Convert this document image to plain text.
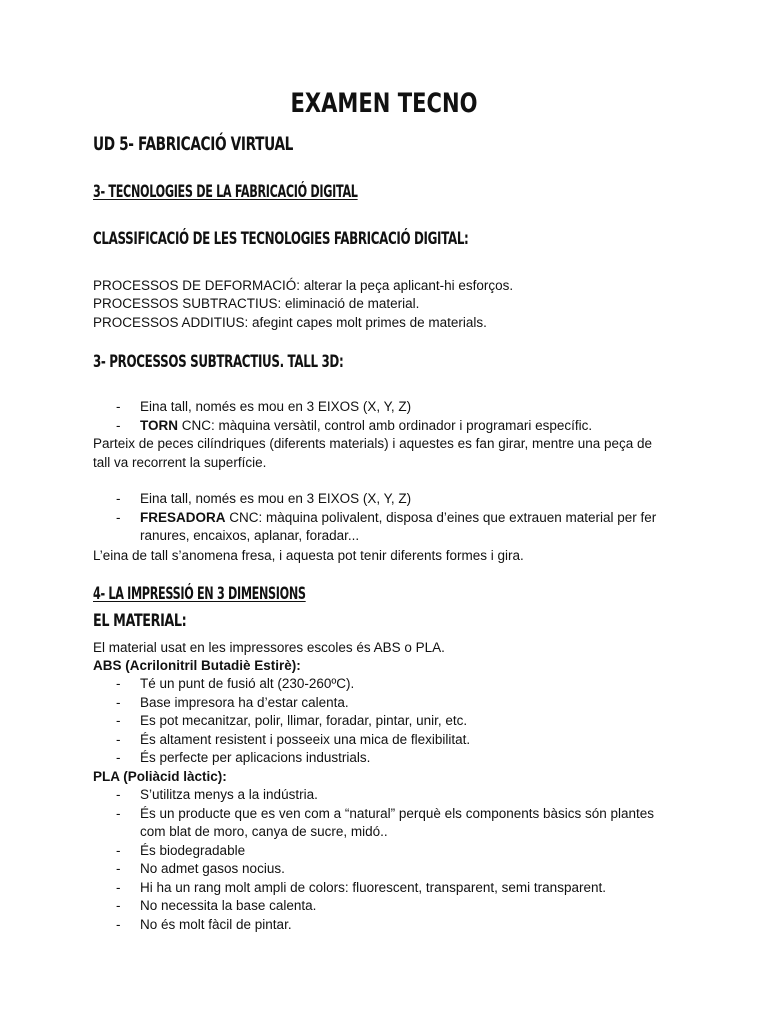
EXAMEN TECNO
UD 5- FABRICACIÓ VIRTUAL
3- TECNOLOGIES DE LA FABRICACIÓ DIGITAL
CLASSIFICACIÓ DE LES TECNOLOGIES FABRICACIÓ DIGITAL:

PROCESSOS DE DEFORMACIÓ: alterar la peça aplicant-hi esforços.

PROCESSOS SUBTRACTIUS: eliminació de material.

PROCESSOS ADDITIUS: afegint capes molt primes de materials.

3- PROCESSOS SUBTRACTIUS. TALL 3D:
- Eina tall, només es mou en 3 EIXOS (X, Y, Z)
- TORN CNC: màquina versàtil, control amb ordinador i programari específic.

Parteix de peces cilíndriques (diferents materials) i aquestes es fan girar, mentre una peça de tall va recorrent la superfície.

- Eina tall, només es mou en 3 EIXOS (X, Y, Z)
- FRESADORA CNC: màquina polivalent, disposa d’eines que extrauen material per fer ranures, encaixos, aplanar, foradar...

L’eina de tall s’anomena fresa, i aquesta pot tenir diferents formes i gira.

4- LA IMPRESSIÓ EN 3 DIMENSIONS
EL MATERIAL:

El material usat en les impressores escoles és ABS o PLA.

ABS (Acrilonitril Butadiè Estirè):

- Té un punt de fusió alt (230-260ºC).
- Base impresora ha d’estar calenta.
- Es pot mecanitzar, polir, llimar, foradar, pintar, unir, etc.
- És altament resistent i posseeix una mica de flexibilitat.
- És perfecte per aplicacions industrials.

PLA (Poliàcid làctic):

- S’utilitza menys a la indústria.
- És un producte que es ven com a “natural” perquè els components bàsics són plantes com blat de moro, canya de sucre, midó..
- És biodegradable
- No admet gasos nocius.
- Hi ha un rang molt ampli de colors: fluorescent, transparent, semi transparent.
- No necessita la base calenta.
- No és molt fàcil de pintar.
